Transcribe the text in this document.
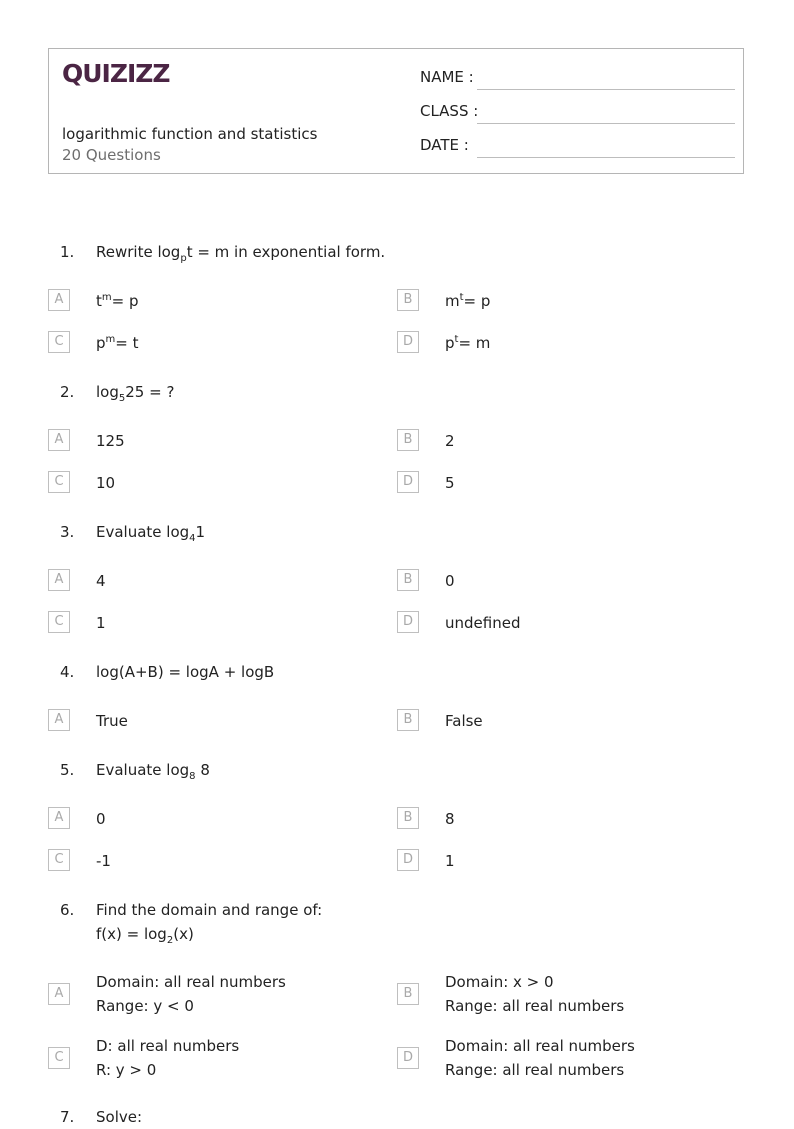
QUIZIZZ
logarithmic function and statistics
20 Questions
NAME :
CLASS :
DATE :
1. Rewrite $\log_pt = m$ in exponential form.
A	$t^m= p$	B	$m^t= p$
C	$p^m= t$	D	$p^t= m$
2. $\log_525$ = ?
A	125	B	2
C	10	D	5
3. Evaluate $\log_41$
A	4	B	0
C	1	D	undefined
4. log(A+B) = logA + logB
A	True	B	False
5. Evaluate $\log_8 8$
A	0	B	8
C	-1	D	1
6. Find the domain and range of:
$f(x) = \log_2(x)$
A
Domain: all real numbers
Range: y < 0
B
Domain: x > 0
Range: all real numbers
C
D: all real numbers
R: y > 0
D
Domain: all real numbers
Range: all real numbers
7. Solve:
